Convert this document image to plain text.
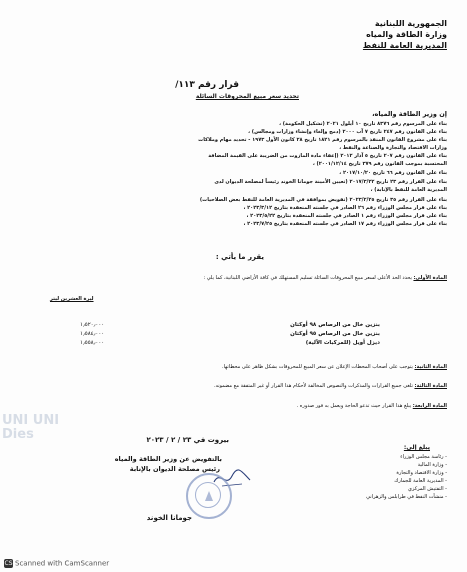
الجمهورية اللبنانية
وزارة الطاقة والمياه
المديرية العامة للنفط
قرار رقم ١١٣/
تحديد سعر مبيع المحروقات السائلة
إن وزير الطاقة والمياه،
بناء على المرسوم رقم ٨٣٧٦ تاريخ ١٠ أيلول ٢٠٢١ (تشكيل الحكومة) ،
بناء على القانون رقم ٢٤٧ تاريخ ٧ آب ٢٠٠٠ (دمج وإلغاء وإنشاء وزارات ومجالس) ،
بناء على مشروع القانون المنفذ بالمرسوم رقم ١٨٢١ تاريخ ٢٨ كانون الأول ١٩٧٣ - تحديد مهام وملاكات
وزارات الاقتصاد والتجارة والصناعة والنفط ،
بناء على القانون رقم ٢٠٧ تاريخ ٥ آذار ٢٠١٢ (إعفاء مادة المازوت من الضريبة على القيمة المضافة
المحتسبة بموجب القانون رقم ٣٧٩ تاريخ ٢٠٠١/١٢/١٤) ،
بناء على القانون رقم ٦٦ تاريخ ٢٠١٧/١٠/٢٠ ،
بناء على القرار رقم ٢٣ تاريخ ٢٠١٧/٣/٢٢ (تعيين الأمينة جومانا الخوند رئيساً لمصلحة الديوان لدى
المديرية العامة للنفط بالإنابة) ،
بناء على القرار رقم ٣٥ تاريخ ٢٠٢٣/٢/٢٥ (تفويض بموافقة في المديرية العامة للنفط بعض الصلاحيات)
بناء على قرار مجلس الوزراء رقم ٢٦ الصادر في جلسته المنعقدة بتاريخ ٢٠٢٣/٣/١٢ ،
بناء على قرار مجلس الوزراء رقم ١ الصادر في جلسته المنعقدة بتاريخ ٢٠٢٣/٥/٢٢ ،
بناء على قرار مجلس الوزراء رقم ١٧ الصادر في جلسته المنعقدة بتاريخ ٢٠٢٣/٧/٢٥ ،
يقرر ما يأتي :
المادة الأولى: يحدد الحد الأعلى لسعر مبيع المحروقات السائلة تسليم المستهلك في كافة الأراضي اللبنانية، كما يلي :
ليرة العشرين ليتر
بنزين خال من الرصاص ٩٨ أوكتان
١٫٥٢٠٫٠٠٠
بنزين خال من الرصاص ٩٥ أوكتان
١٫٥٨٤٫٠٠٠
ديزل أويل (للمركبات الآلية)
١٫٥٥٨٫٠٠٠
المادة الثانية: يتوجب على أصحاب المحطات الإعلان عن سعر المبيع للمحروقات بشكل ظاهر على محطاتها.
المادة الثالثة: تلغى جميع القرارات والمذكرات والنصوص المخالفة لأحكام هذا القرار أو غير المتفقة مع مضمونه.
المادة الرابعة: يبلغ هذا القرار حيث تدعو الحاجة ويعمل به فور صدوره .
UNI UNI Dies	بيروت في ٢٣ / ٢ / ٢٠٢٣
بالتفويض عن وزير الطاقة والمياه
رئيس مصلحة الديوان بالإنابة
جومانا الخوند
يبلغ إلى:
- رئاسة مجلس الوزراء
- وزارة المالية
- وزارة الاقتصاد والتجارة
- المديرية العامة للجمارك
- التفتيش المركزي
- منشآت النفط في طرابلس والزهراني
CS Scanned with CamScanner
